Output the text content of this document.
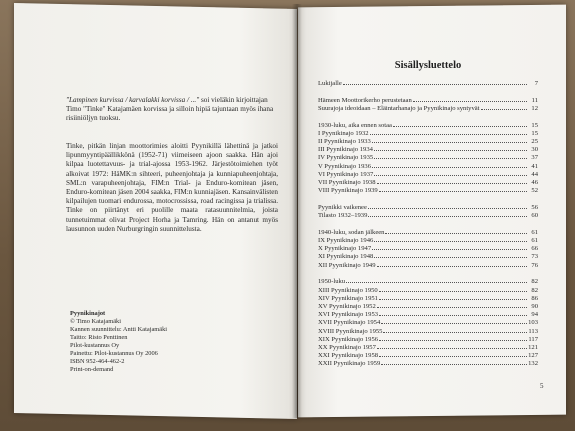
"Lampinen kurvissa / karvalakki korvissa / ..." soi vieläkin kirjoittajan Timo "Tinke" Katajamäen korvissa ja silloin hipiä tajuntaan myös ihana risiiniöljyn tuoksu.
Tinke, pitkän linjan moottorimies aloitti Pyynikillä lähettinä ja jatkoi lipunmyyntipäällikkönä (1952-71) viimeiseen ajoon saakka. Hän ajoi kilpaa luotettavuus- ja trial-ajossa 1953-1962. Järjestötoimiehen työt alkoivat 1972: HäMK:n sihteeri, puheenjohtaja ja kunniapuheenjohtaja, SML:n varapuheenjohtaja, FIM:n Trial- ja Enduro-komitean jäsen, Enduro-komitean jäsen 2004 saakka, FIM:n kunniajäsen. Kansainvälisten kilpailujen tuomari endurossa, motocrossissa, road racingissa ja trialissa. Tinke on piirtänyt eri puolille maata ratasuunnitelmia, joista tunnetuimmat olivat Project Horha ja Tamring. Hän on antanut myös lausunnon uuden Nurburgringin suunnittelusta.
Pyynikinajot
© Timo Katajamäki
Kannen suunnittelu: Antti Katajamäki
Taitto: Risto Penttinen
Pilot-kustannus Oy
Painettu: Pilot-kustannus Oy 2006
ISBN 952-464-462-2
Print-on-demand
Sisällysluettelo
Lukijalle	7
Hämeen Moottorikerho perustetaan	11
Suurajoja ideoidaan – Eläintarhanajo ja Pyynikinajo syntyvät	12
1930-luku, aika ennen sotaa	15
I Pyynikinajo 1932	15
II Pyynikinajo 1933	25
III Pyynikinajo 1934	30
IV Pyynikinajo 1935	37
V Pyynikinajo 1936	41
VI Pyynikinajo 1937	44
VII Pyynikinajo 1938	46
VIII Pyynikinajo 1939	52
Pyynikki vaikenee	56
Tilasto 1932–1939	60
1940-luku, sodan jälkeen	61
IX Pyynikinajo 1946	61
X Pyynikinajo 1947	66
XI Pyynikinajo 1948	73
XII Pyynikinajo 1949	76
1950-luku	82
XIII Pyynikinajo 1950	82
XIV Pyynikinajo 1951	86
XV Pyynikinajo 1952	90
XVI Pyynikinajo 1953	94
XVII Pyynikinajo 1954	103
XVIII Pyynikinajo 1955	113
XIX Pyynikinajo 1956	117
XX Pyynikinajo 1957	121
XXI Pyynikinajo 1958	127
XXII Pyynikinajo 1959	132
5
